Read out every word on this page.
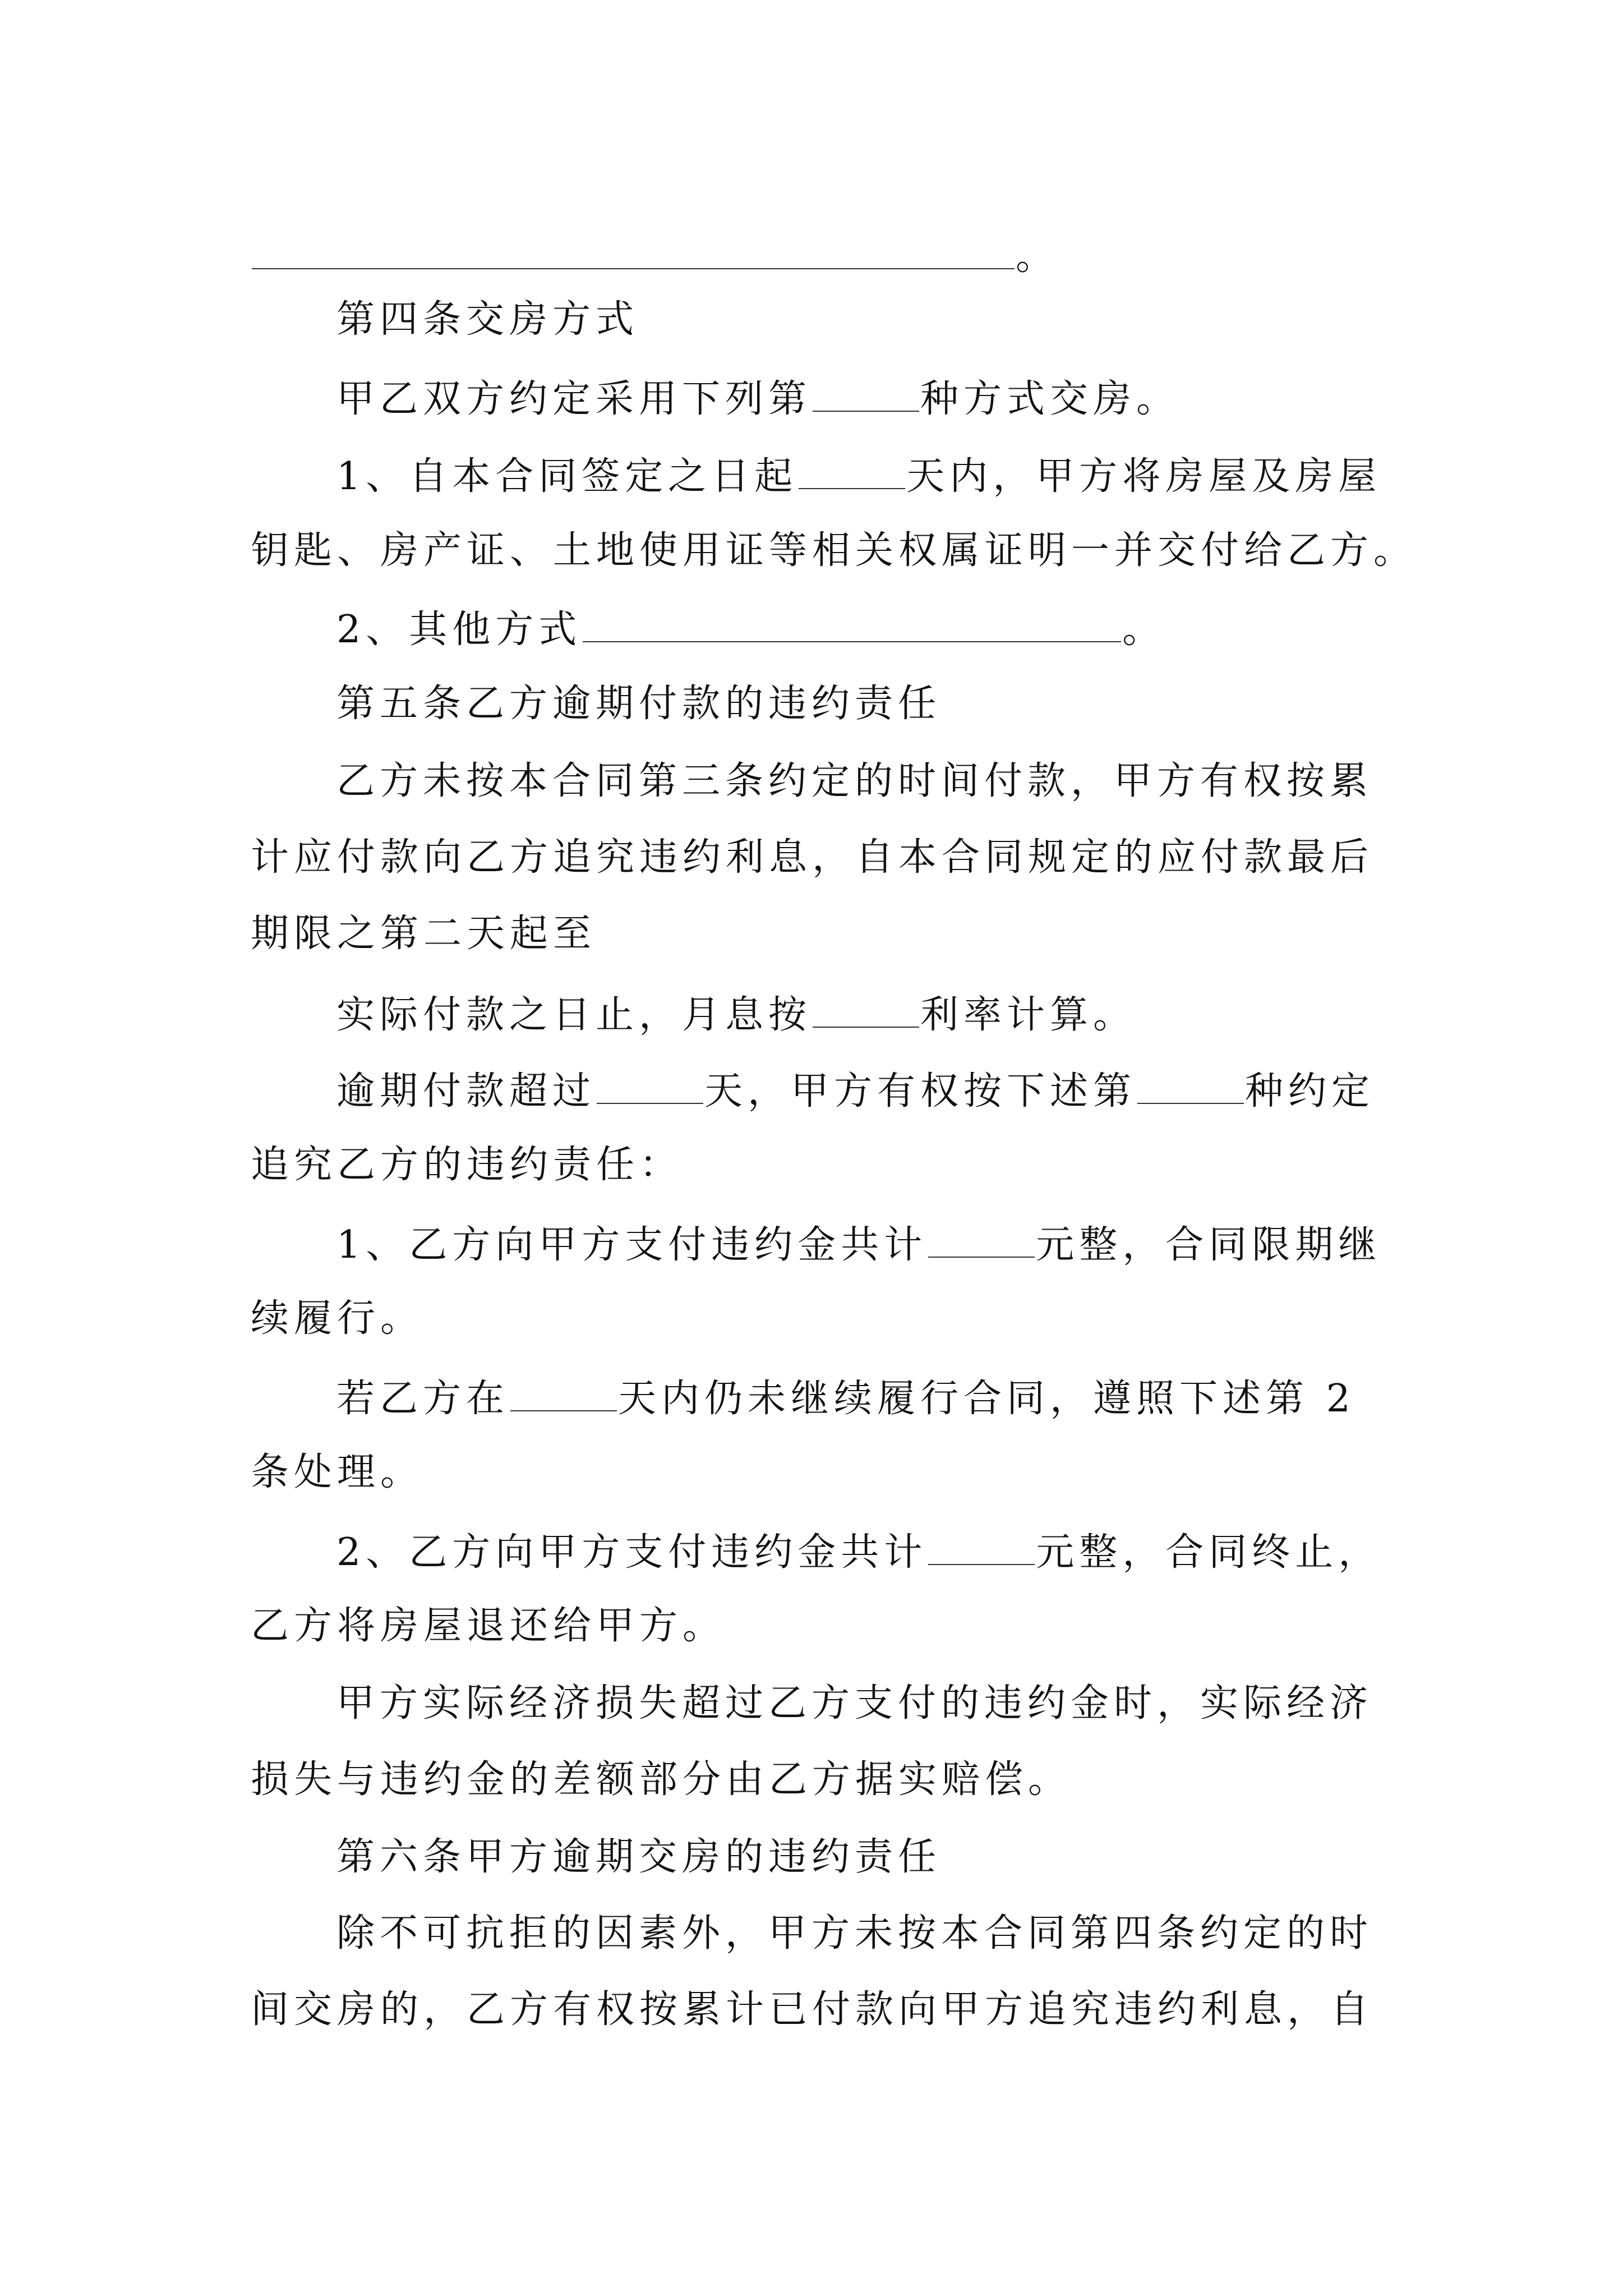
。
第四条交房方式
甲乙双方约定采用下列第	种方式交房。
1、自本合同签定之日起	天内，甲方将房屋及房屋
钥匙、房产证、土地使用证等相关权属证明一并交付给乙方。
2、其他方式	。
第五条乙方逾期付款的违约责任
乙方未按本合同第三条约定的时间付款，甲方有权按累
计应付款向乙方追究违约利息，自本合同规定的应付款最后
期限之第二天起至
实际付款之日止，月息按	利率计算。
逾期付款超过	天，甲方有权按下述第	种约定
追究乙方的违约责任：
1、乙方向甲方支付违约金共计	元整，合同限期继
续履行。
若乙方在	天内仍未继续履行合同，遵照下述第 2
条处理。
2、乙方向甲方支付违约金共计	元整，合同终止，
乙方将房屋退还给甲方。
甲方实际经济损失超过乙方支付的违约金时，实际经济
损失与违约金的差额部分由乙方据实赔偿。
第六条甲方逾期交房的违约责任
除不可抗拒的因素外，甲方未按本合同第四条约定的时
间交房的，乙方有权按累计已付款向甲方追究违约利息，自
